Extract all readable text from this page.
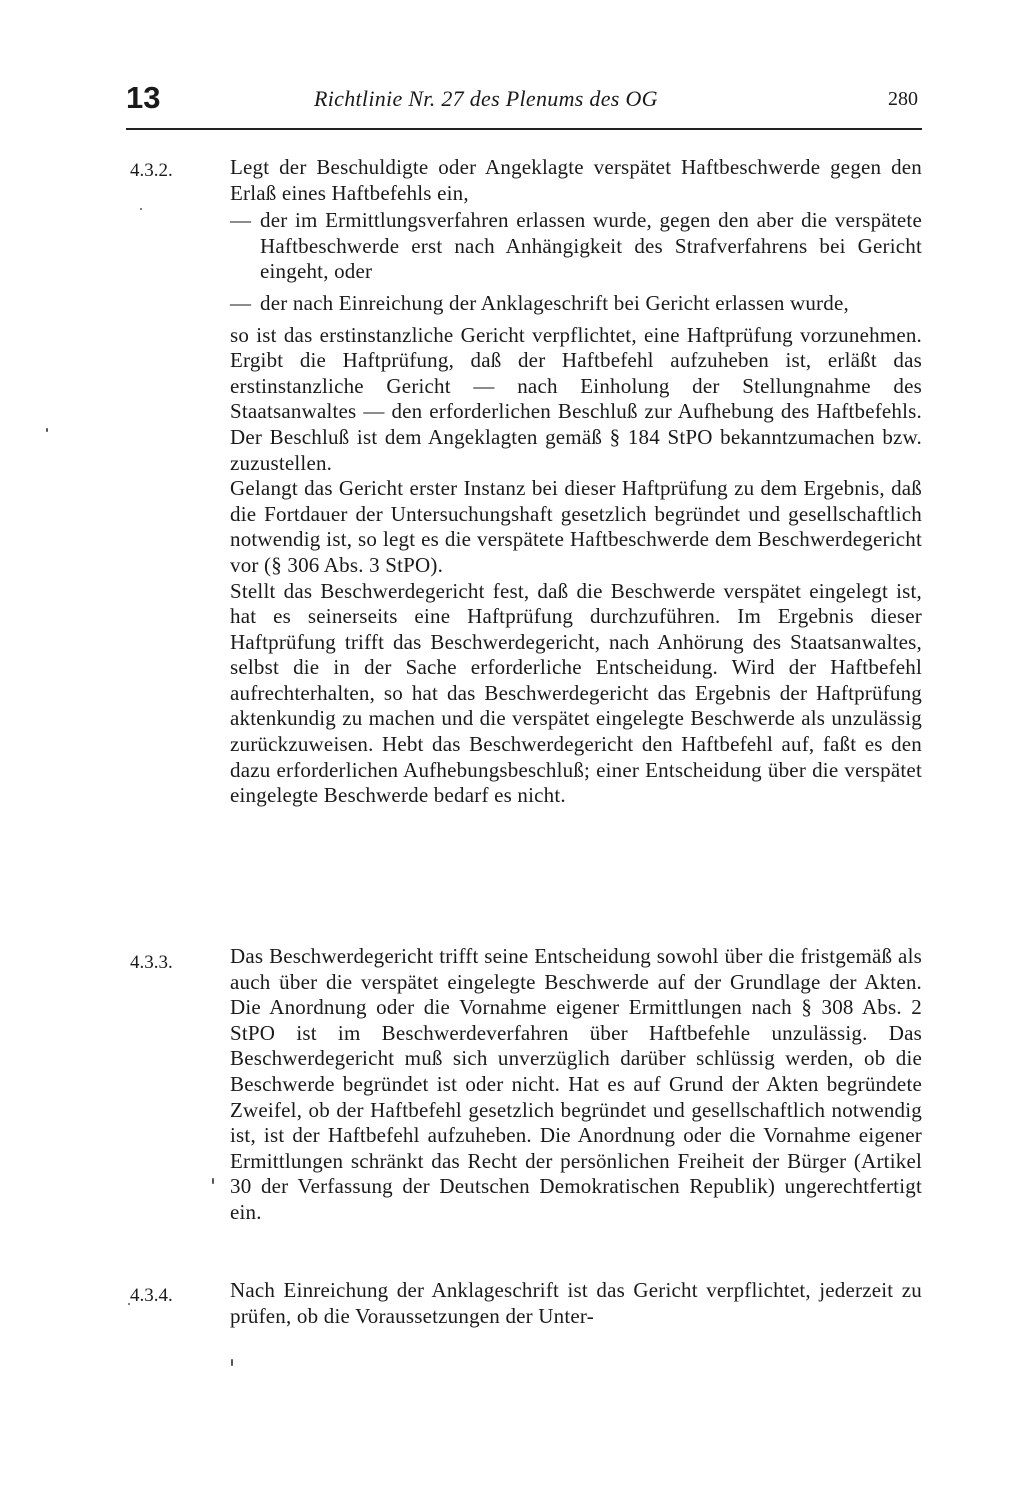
13	Richtlinie Nr. 27 des Plenums des OG	280
4.3.2.	Legt der Beschuldigte oder Angeklagte verspätet Haftbeschwerde gegen den Erlaß eines Haftbefehls ein,

— der im Ermittlungsverfahren erlassen wurde, gegen den aber die verspätete Haftbeschwerde erst nach Anhängigkeit des Strafverfahrens bei Gericht eingeht, oder
— der nach Einreichung der Anklageschrift bei Gericht erlassen wurde,

so ist das erstinstanzliche Gericht verpflichtet, eine Haftprüfung vorzunehmen. Ergibt die Haftprüfung, daß der Haftbefehl aufzuheben ist, erläßt das erstinstanzliche Gericht — nach Einholung der Stellungnahme des Staatsanwaltes — den erforderlichen Beschluß zur Aufhebung des Haftbefehls. Der Beschluß ist dem Angeklagten gemäß § 184 StPO bekanntzumachen bzw. zuzustellen.

Gelangt das Gericht erster Instanz bei dieser Haftprüfung zu dem Ergebnis, daß die Fortdauer der Untersuchungshaft gesetzlich begründet und gesellschaftlich notwendig ist, so legt es die verspätete Haftbeschwerde dem Beschwerdegericht vor (§ 306 Abs. 3 StPO).

Stellt das Beschwerdegericht fest, daß die Beschwerde verspätet eingelegt ist, hat es seinerseits eine Haftprüfung durchzuführen. Im Ergebnis dieser Haftprüfung trifft das Beschwerdegericht, nach Anhörung des Staatsanwaltes, selbst die in der Sache erforderliche Entscheidung. Wird der Haftbefehl aufrechterhalten, so hat das Beschwerdegericht das Ergebnis der Haftprüfung aktenkundig zu machen und die verspätet eingelegte Beschwerde als unzulässig zurückzuweisen. Hebt das Beschwerdegericht den Haftbefehl auf, faßt es den dazu erforderlichen Aufhebungsbeschluß; einer Entscheidung über die verspätet eingelegte Beschwerde bedarf es nicht.

4.3.3.	Das Beschwerdegericht trifft seine Entscheidung sowohl über die fristgemäß als auch über die verspätet eingelegte Beschwerde auf der Grundlage der Akten. Die Anordnung oder die Vornahme eigener Ermittlungen nach § 308 Abs. 2 StPO ist im Beschwerdeverfahren über Haftbefehle unzulässig. Das Beschwerdegericht muß sich unverzüglich darüber schlüssig werden, ob die Beschwerde begründet ist oder nicht. Hat es auf Grund der Akten begründete Zweifel, ob der Haftbefehl gesetzlich begründet und gesellschaftlich notwendig ist, ist der Haftbefehl aufzuheben. Die Anordnung oder die Vornahme eigener Ermittlungen schränkt das Recht der persönlichen Freiheit der Bürger (Artikel 30 der Verfassung der Deutschen Demokratischen Republik) ungerechtfertigt ein.

4.3.4.	Nach Einreichung der Anklageschrift ist das Gericht verpflichtet, jederzeit zu prüfen, ob die Voraussetzungen der Unter-
